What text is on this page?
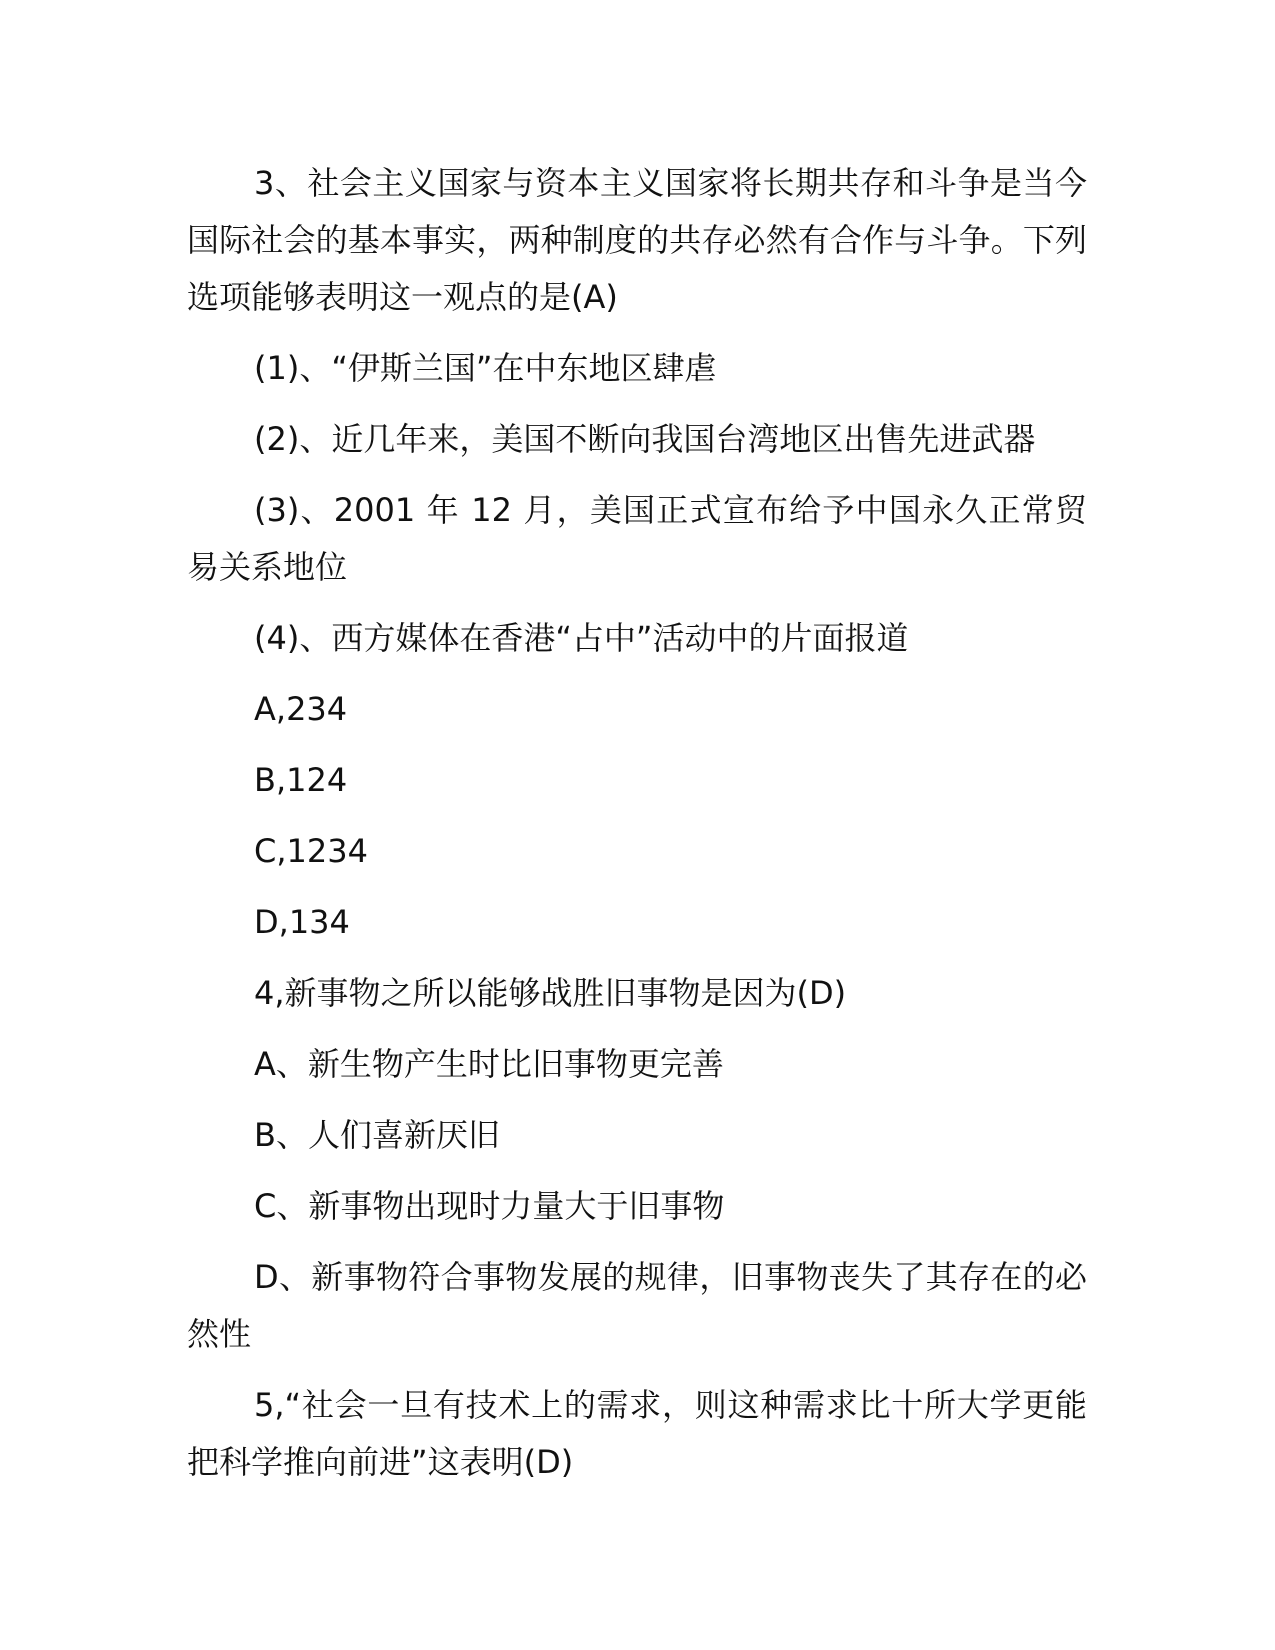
3、社会主义国家与资本主义国家将长期共存和斗争是当今国际社会的基本事实，两种制度的共存必然有合作与斗争。下列选项能够表明这一观点的是(A)

(1)、“伊斯兰国”在中东地区肆虐

(2)、近几年来，美国不断向我国台湾地区出售先进武器

(3)、2001 年 12 月，美国正式宣布给予中国永久正常贸易关系地位

(4)、西方媒体在香港“占中”活动中的片面报道

A,234

B,124

C,1234

D,134

4,新事物之所以能够战胜旧事物是因为(D)

A、新生物产生时比旧事物更完善

B、人们喜新厌旧

C、新事物出现时力量大于旧事物

D、新事物符合事物发展的规律，旧事物丧失了其存在的必然性

5,“社会一旦有技术上的需求，则这种需求比十所大学更能把科学推向前进”这表明(D)
